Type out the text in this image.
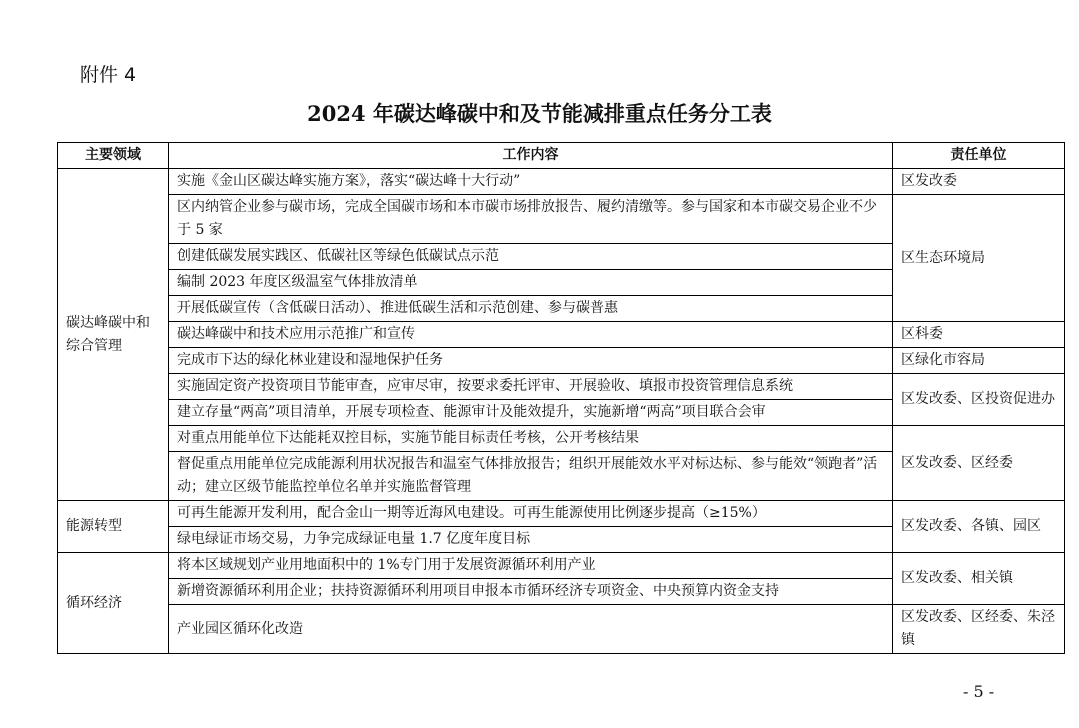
附件 4
2024 年碳达峰碳中和及节能减排重点任务分工表
主要领域	工作内容	责任单位
碳达峰碳中和综合管理	实施《金山区碳达峰实施方案》，落实“碳达峰十大行动”	区发改委
	区内纳管企业参与碳市场，完成全国碳市场和本市碳市场排放报告、履约清缴等。参与国家和本市碳交易企业不少于 5 家	区生态环境局
	创建低碳发展实践区、低碳社区等绿色低碳试点示范	
	编制 2023 年度区级温室气体排放清单	
	开展低碳宣传（含低碳日活动）、推进低碳生活和示范创建、参与碳普惠	
	碳达峰碳中和技术应用示范推广和宣传	区科委
	完成市下达的绿化林业建设和湿地保护任务	区绿化市容局
	实施固定资产投资项目节能审查，应审尽审，按要求委托评审、开展验收、填报市投资管理信息系统	区发改委、区投资促进办
	建立存量“两高”项目清单，开展专项检查、能源审计及能效提升，实施新增“两高”项目联合会审	
	对重点用能单位下达能耗双控目标，实施节能目标责任考核，公开考核结果	区发改委、区经委
	督促重点用能单位完成能源利用状况报告和温室气体排放报告；组织开展能效水平对标达标、参与能效“领跑者”活动；建立区级节能监控单位名单并实施监督管理	
能源转型	可再生能源开发利用，配合金山一期等近海风电建设。可再生能源使用比例逐步提高（≥15%）	区发改委、各镇、园区
	绿电绿证市场交易，力争完成绿证电量 1.7 亿度年度目标	
循环经济	将本区域规划产业用地面积中的 1%专门用于发展资源循环利用产业	区发改委、相关镇
	新增资源循环利用企业；扶持资源循环利用项目申报本市循环经济专项资金、中央预算内资金支持	
	产业园区循环化改造	区发改委、区经委、朱泾镇
- 5 -
